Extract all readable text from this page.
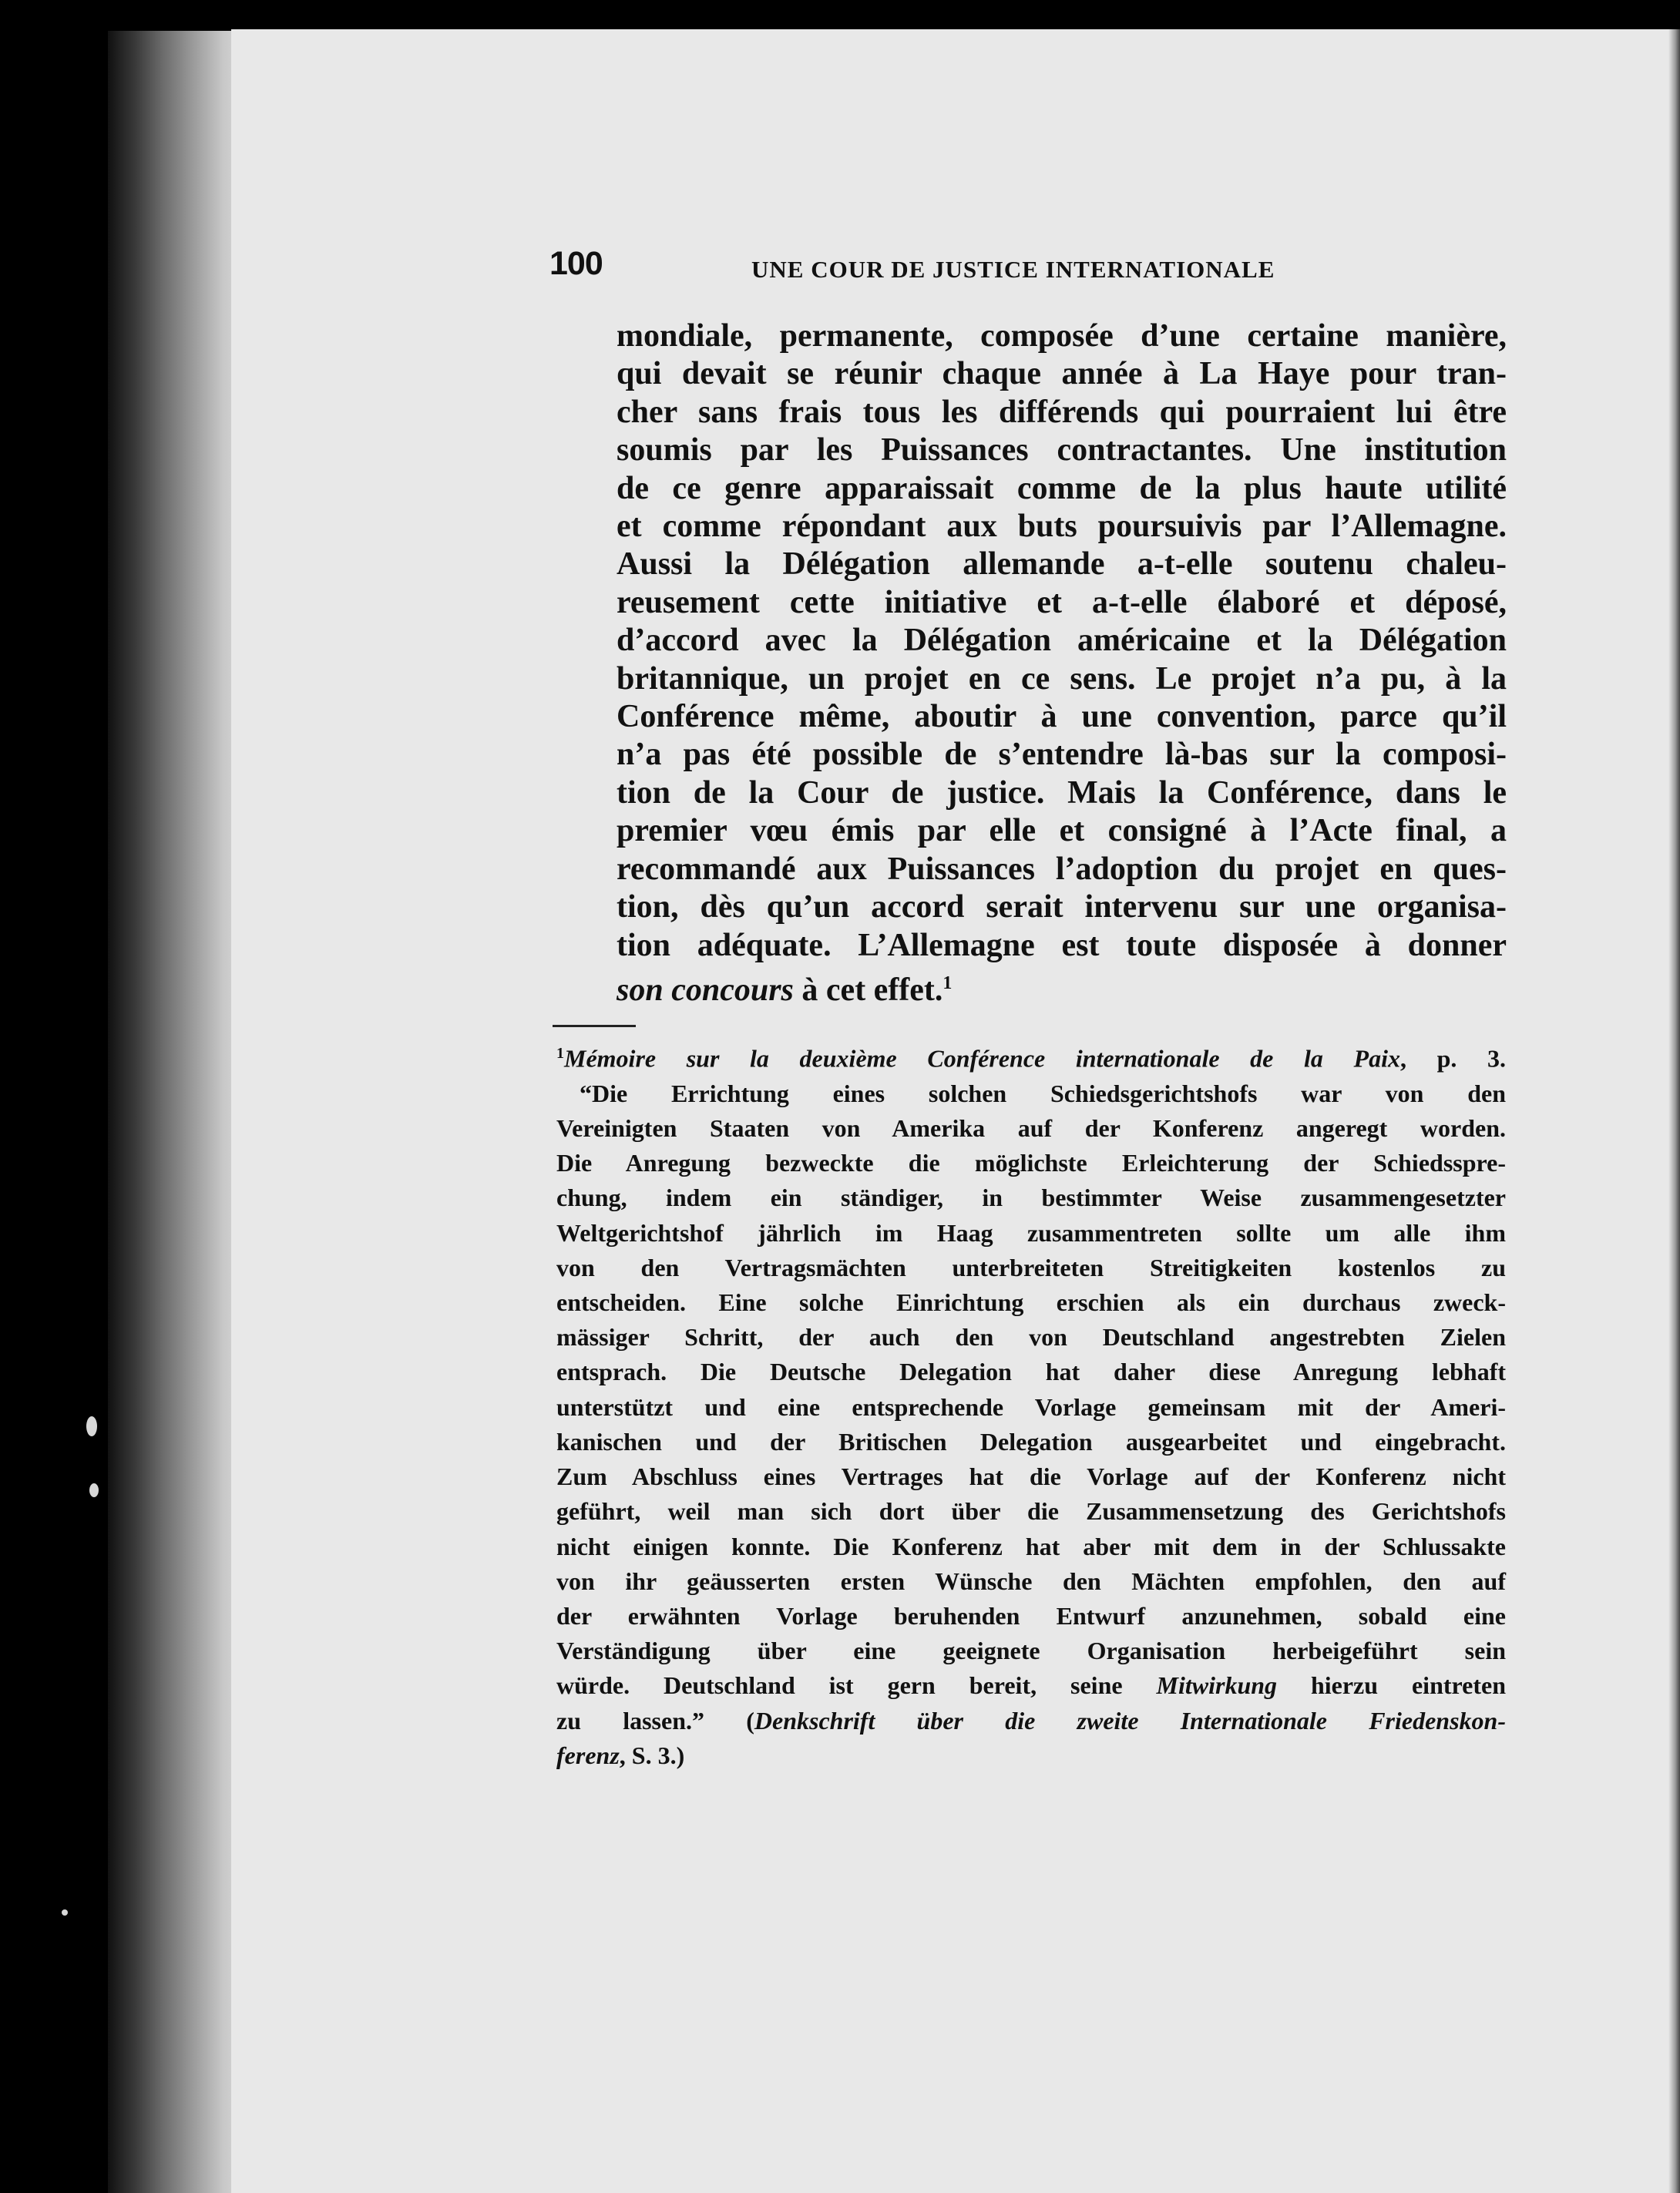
100	UNE COUR DE JUSTICE INTERNATIONALE
mondiale, permanente, composée d’une certaine manière,
qui devait se réunir chaque année à La Haye pour tran-
cher sans frais tous les différends qui pourraient lui être
soumis par les Puissances contractantes. Une institution
de ce genre apparaissait comme de la plus haute utilité
et comme répondant aux buts poursuivis par l’Allemagne.
Aussi la Délégation allemande a-t-elle soutenu chaleu-
reusement cette initiative et a-t-elle élaboré et déposé,
d’accord avec la Délégation américaine et la Délégation
britannique, un projet en ce sens. Le projet n’a pu, à la
Conférence même, aboutir à une convention, parce qu’il
n’a pas été possible de s’entendre là-bas sur la composi-
tion de la Cour de justice. Mais la Conférence, dans le
premier vœu émis par elle et consigné à l’Acte final, a
recommandé aux Puissances l’adoption du projet en ques-
tion, dès qu’un accord serait intervenu sur une organisa-
tion adéquate. L’Allemagne est toute disposée à donner
son concours à cet effet.$^1$
$^1$Mémoire sur la deuxième Conférence internationale de la Paix, p. 3.
“Die Errichtung eines solchen Schiedsgerichtshofs war von den
Vereinigten Staaten von Amerika auf der Konferenz angeregt worden.
Die Anregung bezweckte die möglichste Erleichterung der Schiedsspre-
chung, indem ein ständiger, in bestimmter Weise zusammengesetzter
Weltgerichtshof jährlich im Haag zusammentreten sollte um alle ihm
von den Vertragsmächten unterbreiteten Streitigkeiten kostenlos zu
entscheiden. Eine solche Einrichtung erschien als ein durchaus zweck-
mässiger Schritt, der auch den von Deutschland angestrebten Zielen
entsprach. Die Deutsche Delegation hat daher diese Anregung lebhaft
unterstützt und eine entsprechende Vorlage gemeinsam mit der Ameri-
kanischen und der Britischen Delegation ausgearbeitet und eingebracht.
Zum Abschluss eines Vertrages hat die Vorlage auf der Konferenz nicht
geführt, weil man sich dort über die Zusammensetzung des Gerichtshofs
nicht einigen konnte. Die Konferenz hat aber mit dem in der Schlussakte
von ihr geäusserten ersten Wünsche den Mächten empfohlen, den auf
der erwähnten Vorlage beruhenden Entwurf anzunehmen, sobald eine
Verständigung über eine geeignete Organisation herbeigeführt sein
würde. Deutschland ist gern bereit, seine Mitwirkung hierzu eintreten
zu lassen.” (Denkschrift über die zweite Internationale Friedenskon-
ferenz, S. 3.)
